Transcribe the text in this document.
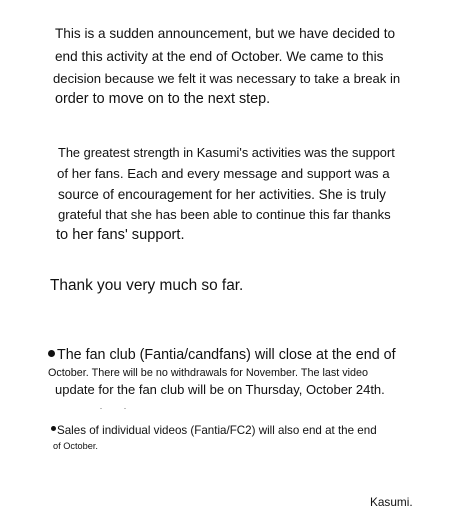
This is a sudden announcement, but we have decided to
end this activity at the end of October. We came to this
decision because we felt it was necessary to take a break in
order to move on to the next step.
The greatest strength in Kasumi's activities was the support
of her fans. Each and every message and support was a
source of encouragement for her activities. She is truly
grateful that she has been able to continue this far thanks
to her fans' support.
Thank you very much so far.
The fan club (Fantia/candfans) will close at the end of
October. There will be no withdrawals for November. The last video
update for the fan club will be on Thursday, October 24th.
Sales of individual videos (Fantia/FC2) will also end at the end
of October.
Kasumi.
